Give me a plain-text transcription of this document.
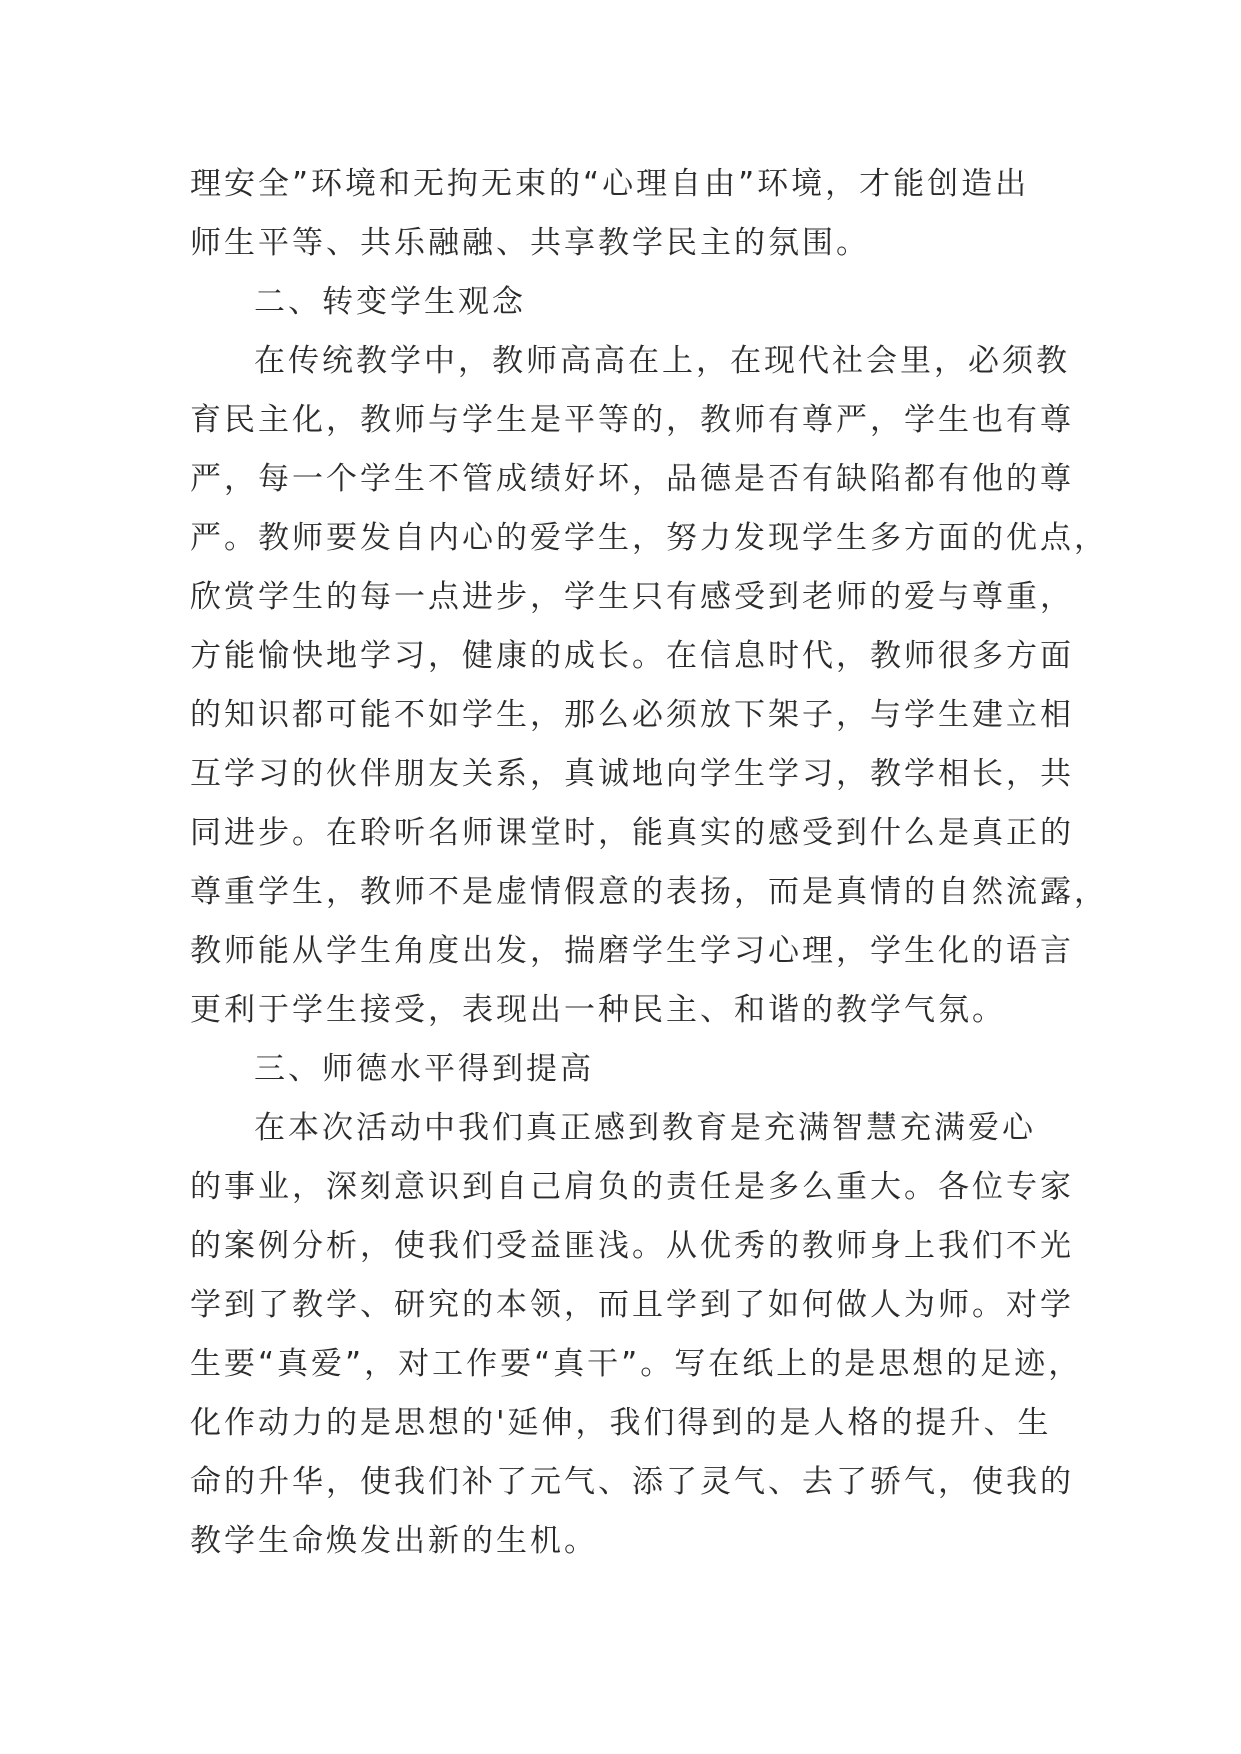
理安全”环境和无拘无束的“心理自由”环境，才能创造出
师生平等、共乐融融、共享教学民主的氛围。
二、转变学生观念
在传统教学中，教师高高在上，在现代社会里，必须教
育民主化，教师与学生是平等的，教师有尊严，学生也有尊
严，每一个学生不管成绩好坏，品德是否有缺陷都有他的尊
严。教师要发自内心的爱学生，努力发现学生多方面的优点，
欣赏学生的每一点进步，学生只有感受到老师的爱与尊重，
方能愉快地学习，健康的成长。在信息时代，教师很多方面
的知识都可能不如学生，那么必须放下架子，与学生建立相
互学习的伙伴朋友关系，真诚地向学生学习，教学相长，共
同进步。在聆听名师课堂时，能真实的感受到什么是真正的
尊重学生，教师不是虚情假意的表扬，而是真情的自然流露，
教师能从学生角度出发，揣磨学生学习心理，学生化的语言
更利于学生接受，表现出一种民主、和谐的教学气氛。
三、师德水平得到提高
在本次活动中我们真正感到教育是充满智慧充满爱心
的事业，深刻意识到自己肩负的责任是多么重大。各位专家
的案例分析，使我们受益匪浅。从优秀的教师身上我们不光
学到了教学、研究的本领，而且学到了如何做人为师。对学
生要“真爱”，对工作要“真干”。写在纸上的是思想的足迹，
化作动力的是思想的'延伸，我们得到的是人格的提升、生
命的升华，使我们补了元气、添了灵气、去了骄气，使我的
教学生命焕发出新的生机。
